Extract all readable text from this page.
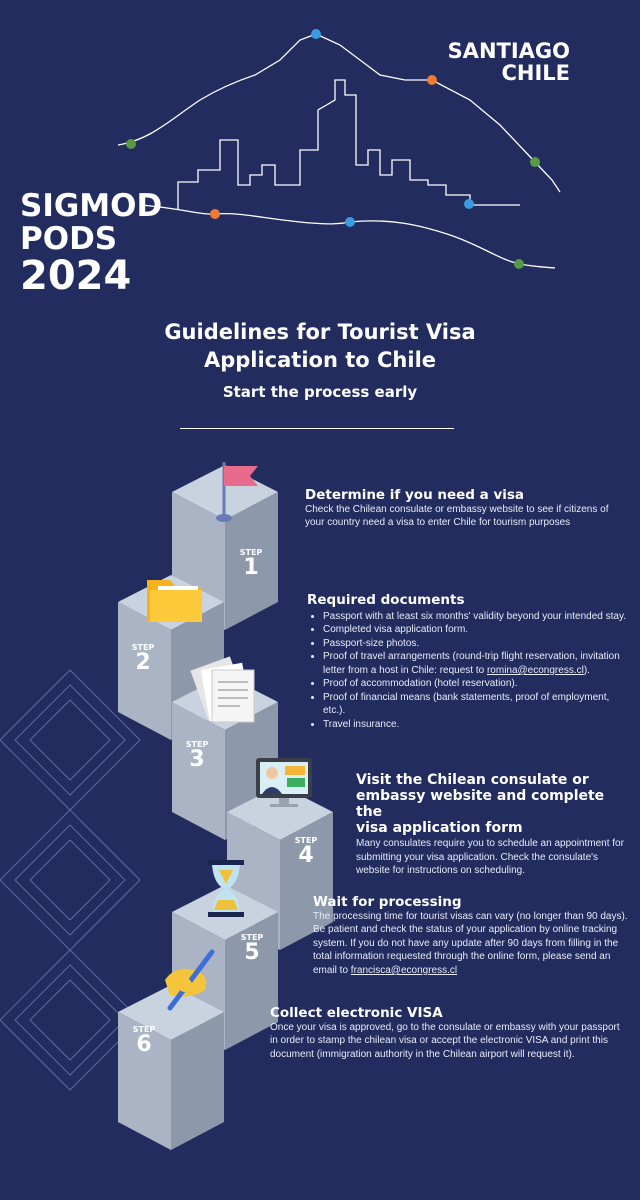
SIGMOD
PODS
2024
SANTIAGO
CHILE
Guidelines for Tourist Visa
Application to Chile
Start the process early
STEP
1
STEP
2
STEP
3
STEP
4
STEP
5
STEP
6
Determine if you need a visa
Check the Chilean consulate or embassy website to see if citizens of your country need a visa to enter Chile for tourism purposes
Required documents
• Passport with at least six months' validity beyond your intended stay.
• Completed visa application form.
• Passport-size photos.
• Proof of travel arrangements (round-trip flight reservation, invitation letter from a host in Chile: request to romina@econgress.cl).
• Proof of accommodation (hotel reservation).
• Proof of financial means (bank statements, proof of employment, etc.).
• Travel insurance.
Visit the Chilean consulate or
embassy website and complete the
visa application form
Many consulates require you to schedule an appointment for submitting your visa application. Check the consulate's website for instructions on scheduling.
Wait for processing
The processing time for tourist visas can vary (no longer than 90 days). Be patient and check the status of your application by online tracking system. If you do not have any update after 90 days from filling in the total information requested through the online form, please send an email to francisca@econgress.cl
Collect electronic VISA
Once your visa is approved, go to the consulate or embassy with your passport in order to stamp the chilean visa or accept the electronic VISA and print this document (immigration authority in the Chilean airport will request it).
